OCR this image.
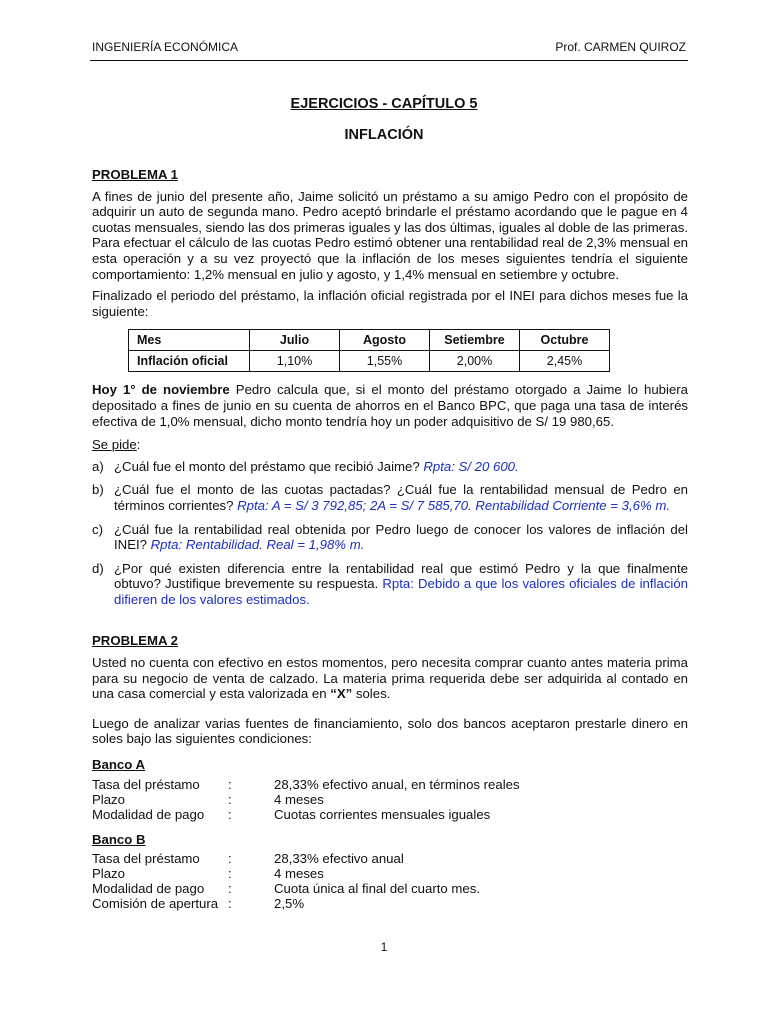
INGENIERÍA ECONÓMICA	Prof. CARMEN QUIROZ
EJERCICIOS - CAPÍTULO 5
INFLACIÓN
PROBLEMA 1

A fines de junio del presente año, Jaime solicitó un préstamo a su amigo Pedro con el propósito de adquirir un auto de segunda mano. Pedro aceptó brindarle el préstamo acordando que le pague en 4 cuotas mensuales, siendo las dos primeras iguales y las dos últimas, iguales al doble de las primeras. Para efectuar el cálculo de las cuotas Pedro estimó obtener una rentabilidad real de 2,3% mensual en esta operación y a su vez proyectó que la inflación de los meses siguientes tendría el siguiente comportamiento: 1,2% mensual en julio y agosto, y 1,4% mensual en setiembre y octubre.

Finalizado el periodo del préstamo, la inflación oficial registrada por el INEI para dichos meses fue la siguiente:

Mes	Julio	Agosto	Setiembre	Octubre
Inflación oficial	1,10%	1,55%	2,00%	2,45%

Hoy 1° de noviembre Pedro calcula que, si el monto del préstamo otorgado a Jaime lo hubiera depositado a fines de junio en su cuenta de ahorros en el Banco BPC, que paga una tasa de interés efectiva de 1,0% mensual, dicho monto tendría hoy un poder adquisitivo de S/ 19 980,65.

Se pide:

a) ¿Cuál fue el monto del préstamo que recibió Jaime? Rpta: S/ 20 600.
b) ¿Cuál fue el monto de las cuotas pactadas? ¿Cuál fue la rentabilidad mensual de Pedro en términos corrientes? Rpta: A = S/ 3 792,85; 2A = S/ 7 585,70. Rentabilidad Corriente = 3,6% m.
c) ¿Cuál fue la rentabilidad real obtenida por Pedro luego de conocer los valores de inflación del INEI? Rpta: Rentabilidad. Real = 1,98% m.
d) ¿Por qué existen diferencia entre la rentabilidad real que estimó Pedro y la que finalmente obtuvo? Justifique brevemente su respuesta. Rpta: Debido a que los valores oficiales de inflación difieren de los valores estimados.
PROBLEMA 2

Usted no cuenta con efectivo en estos momentos, pero necesita comprar cuanto antes materia prima para su negocio de venta de calzado. La materia prima requerida debe ser adquirida al contado en una casa comercial y esta valorizada en “X” soles.

Luego de analizar varias fuentes de financiamiento, solo dos bancos aceptaron prestarle dinero en soles bajo las siguientes condiciones:

Banco A
Tasa del préstamo	:	28,33% efectivo anual, en términos reales
Plazo	:	4 meses
Modalidad de pago	:	Cuotas corrientes mensuales iguales
Banco B
Tasa del préstamo	:	28,33% efectivo anual
Plazo	:	4 meses
Modalidad de pago	:	Cuota única al final del cuarto mes.
Comisión de apertura :	2,5%
1
